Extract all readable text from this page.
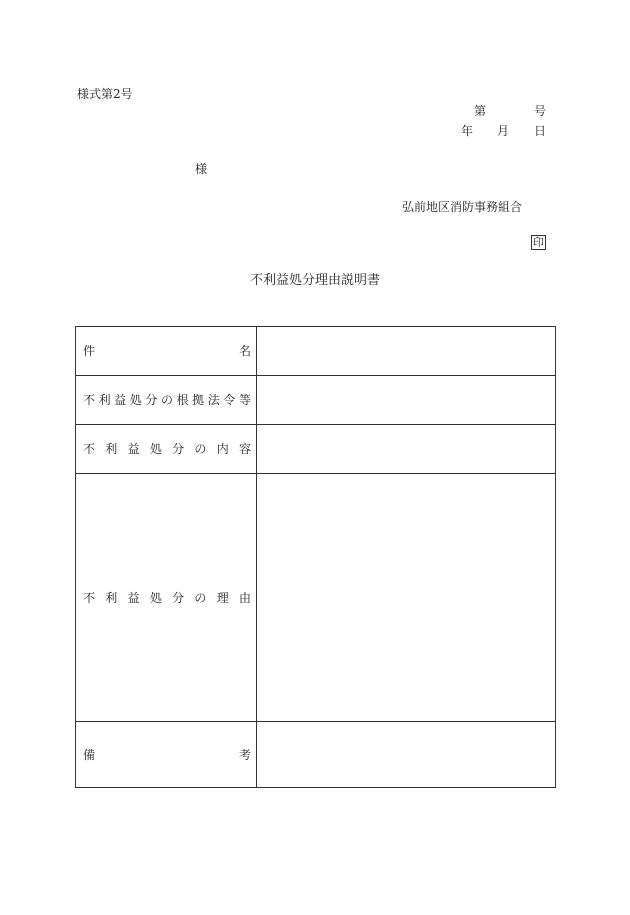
様式第2号
第	号
年 月 日
様
弘前地区消防事務組合
印
不利益処分理由説明書
件	名
不 利 益 処 分 の 根 拠 法 令 等
不 利 益 処 分 の 内 容
不 利 益 処 分 の 理 由
備	考
